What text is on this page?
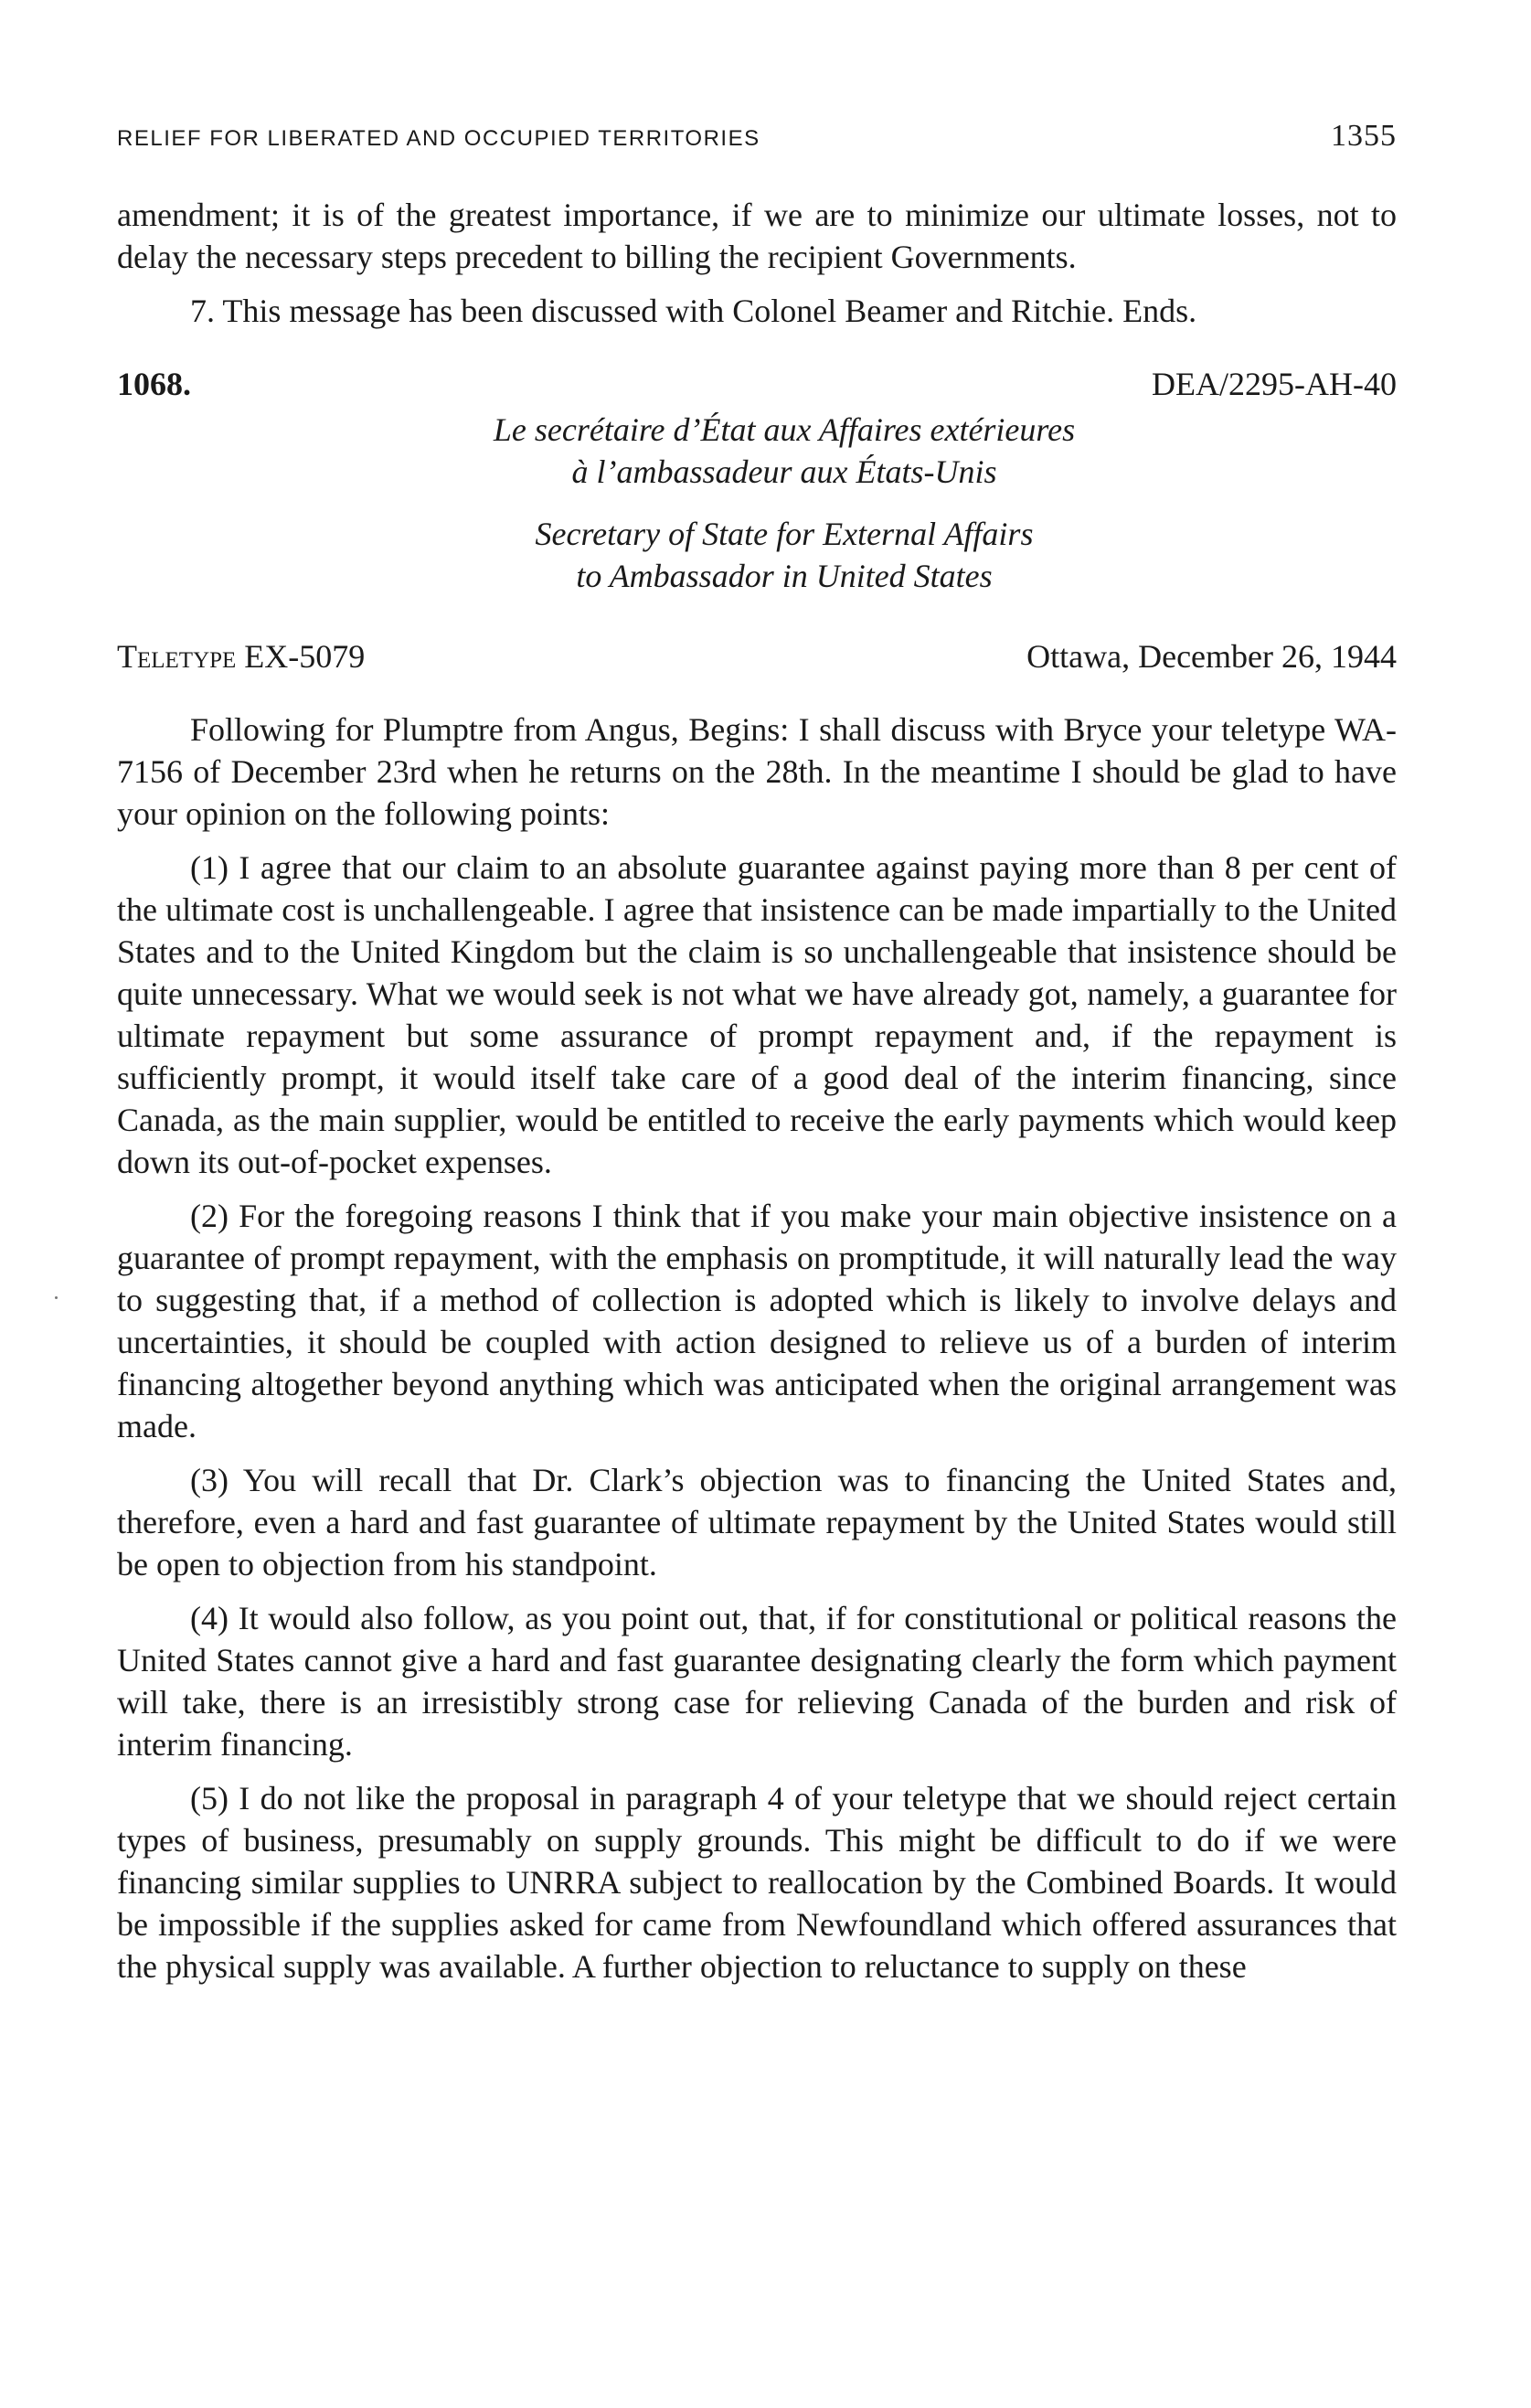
RELIEF FOR LIBERATED AND OCCUPIED TERRITORIES	1355

amendment; it is of the greatest importance, if we are to minimize our ultimate losses, not to delay the necessary steps precedent to billing the recipient Governments.

7. This message has been discussed with Colonel Beamer and Ritchie. Ends.

1068.	DEA/2295-AH-40
Le secrétaire d’État aux Affaires extérieures
à l’ambassadeur aux États-Unis
Secretary of State for External Affairs
to Ambassador in United States
Teletype EX-5079	Ottawa, December 26, 1944

Following for Plumptre from Angus, Begins: I shall discuss with Bryce your teletype WA-7156 of December 23rd when he returns on the 28th. In the meantime I should be glad to have your opinion on the following points:

(1) I agree that our claim to an absolute guarantee against paying more than 8 per cent of the ultimate cost is unchallengeable. I agree that insistence can be made impartially to the United States and to the United Kingdom but the claim is so unchallengeable that insistence should be quite unnecessary. What we would seek is not what we have already got, namely, a guarantee for ultimate repayment but some assurance of prompt repayment and, if the repayment is sufficiently prompt, it would itself take care of a good deal of the interim financing, since Canada, as the main supplier, would be entitled to receive the early payments which would keep down its out-of-pocket expenses.

(2) For the foregoing reasons I think that if you make your main objective insistence on a guarantee of prompt repayment, with the emphasis on promptitude, it will naturally lead the way to suggesting that, if a method of collection is adopted which is likely to involve delays and uncertainties, it should be coupled with action designed to relieve us of a burden of interim financing altogether beyond anything which was anticipated when the original arrangement was made.

(3) You will recall that Dr. Clark’s objection was to financing the United States and, therefore, even a hard and fast guarantee of ultimate repayment by the United States would still be open to objection from his standpoint.

(4) It would also follow, as you point out, that, if for constitutional or political reasons the United States cannot give a hard and fast guarantee designating clearly the form which payment will take, there is an irresistibly strong case for relieving Canada of the burden and risk of interim financing.

(5) I do not like the proposal in paragraph 4 of your teletype that we should reject certain types of business, presumably on supply grounds. This might be difficult to do if we were financing similar supplies to UNRRA subject to reallocation by the Combined Boards. It would be impossible if the supplies asked for came from Newfoundland which offered assurances that the physical supply was available. A further objection to reluctance to supply on these
